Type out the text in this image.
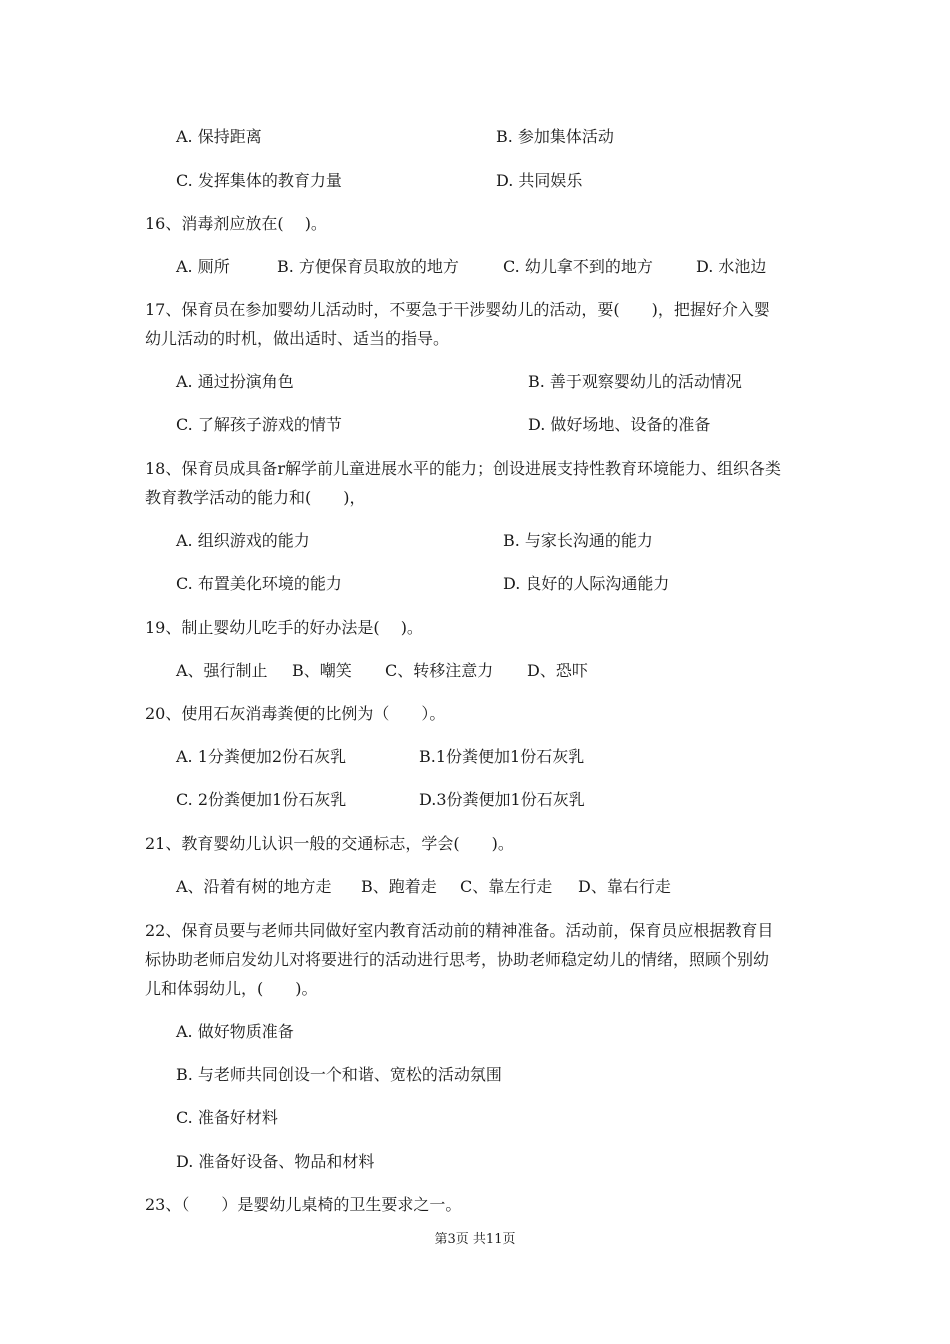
A. 保持距离	B. 参加集体活动
C. 发挥集体的教育力量	D. 共同娱乐
16、消毒剂应放在(　 )。
A. 厕所	B. 方便保育员取放的地方	C. 幼儿拿不到的地方	D. 水池边
17、保育员在参加婴幼儿活动时，不要急于干涉婴幼儿的活动，要(　　)，把握好介入婴
幼儿活动的时机，做出适时、适当的指导。
A. 通过扮演角色	B. 善于观察婴幼儿的活动情况
C. 了解孩子游戏的情节	D. 做好场地、设备的准备
18、保育员成具备r解学前儿童进展水平的能力；创设进展支持性教育环境能力、组织各类
教育教学活动的能力和(　　)，
A. 组织游戏的能力	B. 与家长沟通的能力
C. 布置美化环境的能力	D. 良好的人际沟通能力
19、制止婴幼儿吃手的好办法是(　 )。
A、强行制止 B、嘲笑 C、转移注意力 D、恐吓
20、使用石灰消毒粪便的比例为（　　）。
A. 1分粪便加2份石灰乳	B.1份粪便加1份石灰乳
C. 2份粪便加1份石灰乳	D.3份粪便加1份石灰乳
21、教育婴幼儿认识一般的交通标志，学会(　　)。
A、沿着有树的地方走 B、跑着走 C、靠左行走 D、靠右行走
22、保育员要与老师共同做好室内教育活动前的精神准备。活动前，保育员应根据教育目
标协助老师启发幼儿对将要进行的活动进行思考，协助老师稳定幼儿的情绪，照顾个别幼
儿和体弱幼儿，(　　)。
A. 做好物质准备
B. 与老师共同创设一个和谐、宽松的活动氛围
C. 准备好材料
D. 准备好设备、物品和材料
23、（　　）是婴幼儿桌椅的卫生要求之一。
第3页 共11页
